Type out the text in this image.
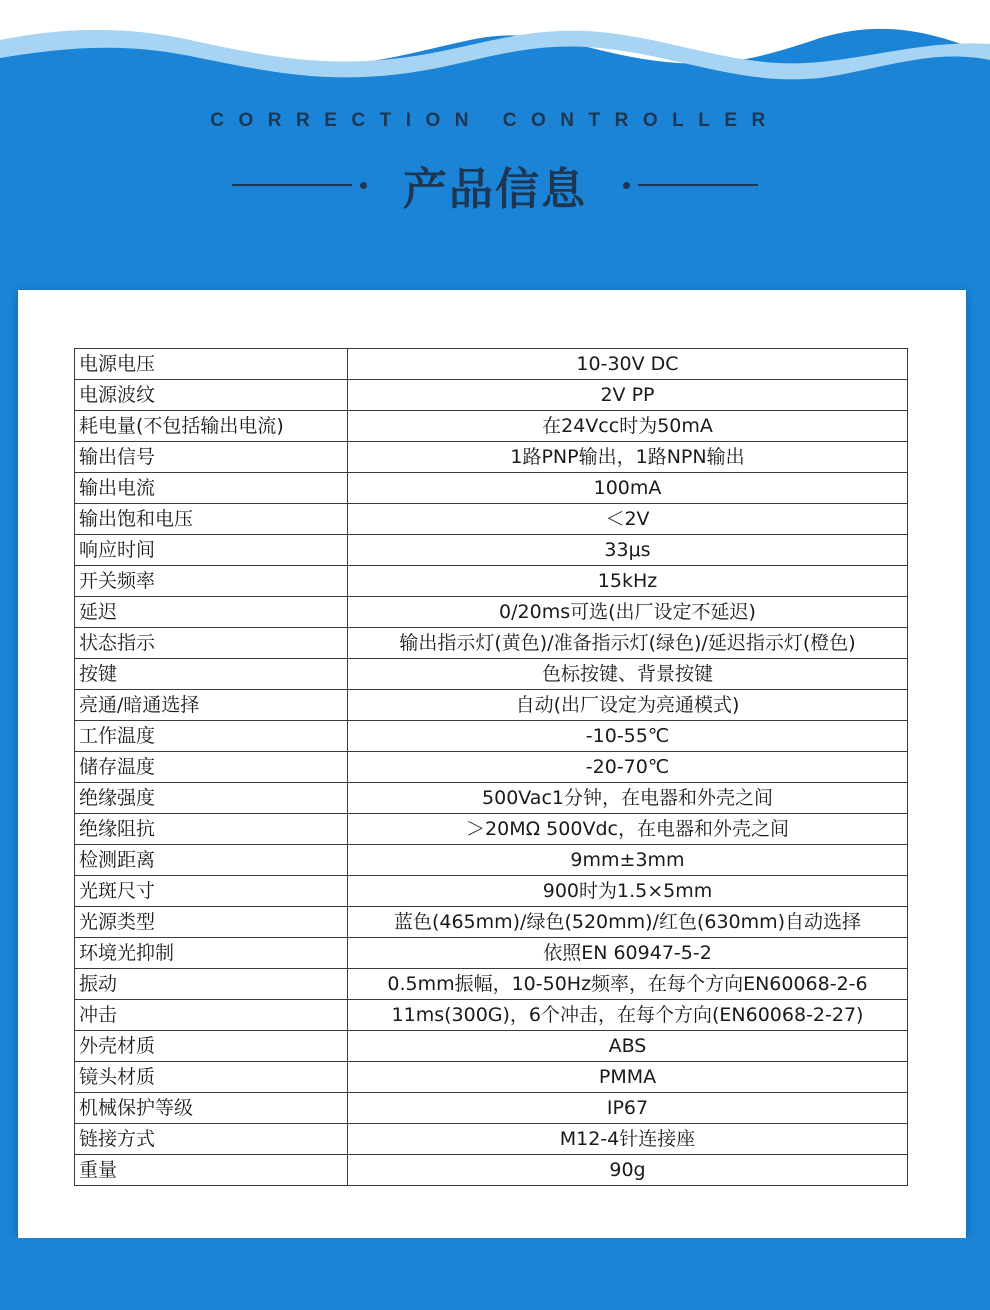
CORRECTION CONTROLLER
产品信息
电源电压	10-30V DC
电源波纹	2V PP
耗电量(不包括输出电流)	在24Vcc时为50mA
输出信号	1路PNP输出，1路NPN输出
输出电流	100mA
输出饱和电压	＜2V
响应时间	33μs
开关频率	15kHz
延迟	0/20ms可选(出厂设定不延迟)
状态指示	输出指示灯(黄色)/准备指示灯(绿色)/延迟指示灯(橙色)
按键	色标按键、背景按键
亮通/暗通选择	自动(出厂设定为亮通模式)
工作温度	-10-55℃
储存温度	-20-70℃
绝缘强度	500Vac1分钟，在电器和外壳之间
绝缘阻抗	＞20MΩ 500Vdc，在电器和外壳之间
检测距离	9mm±3mm
光斑尺寸	900时为1.5×5mm
光源类型	蓝色(465mm)/绿色(520mm)/红色(630mm)自动选择
环境光抑制	依照EN 60947-5-2
振动	0.5mm振幅，10-50Hz频率，在每个方向EN60068-2-6
冲击	11ms(300G)，6个冲击，在每个方向(EN60068-2-27)
外壳材质	ABS
镜头材质	PMMA
机械保护等级	IP67
链接方式	M12-4针连接座
重量	90g
